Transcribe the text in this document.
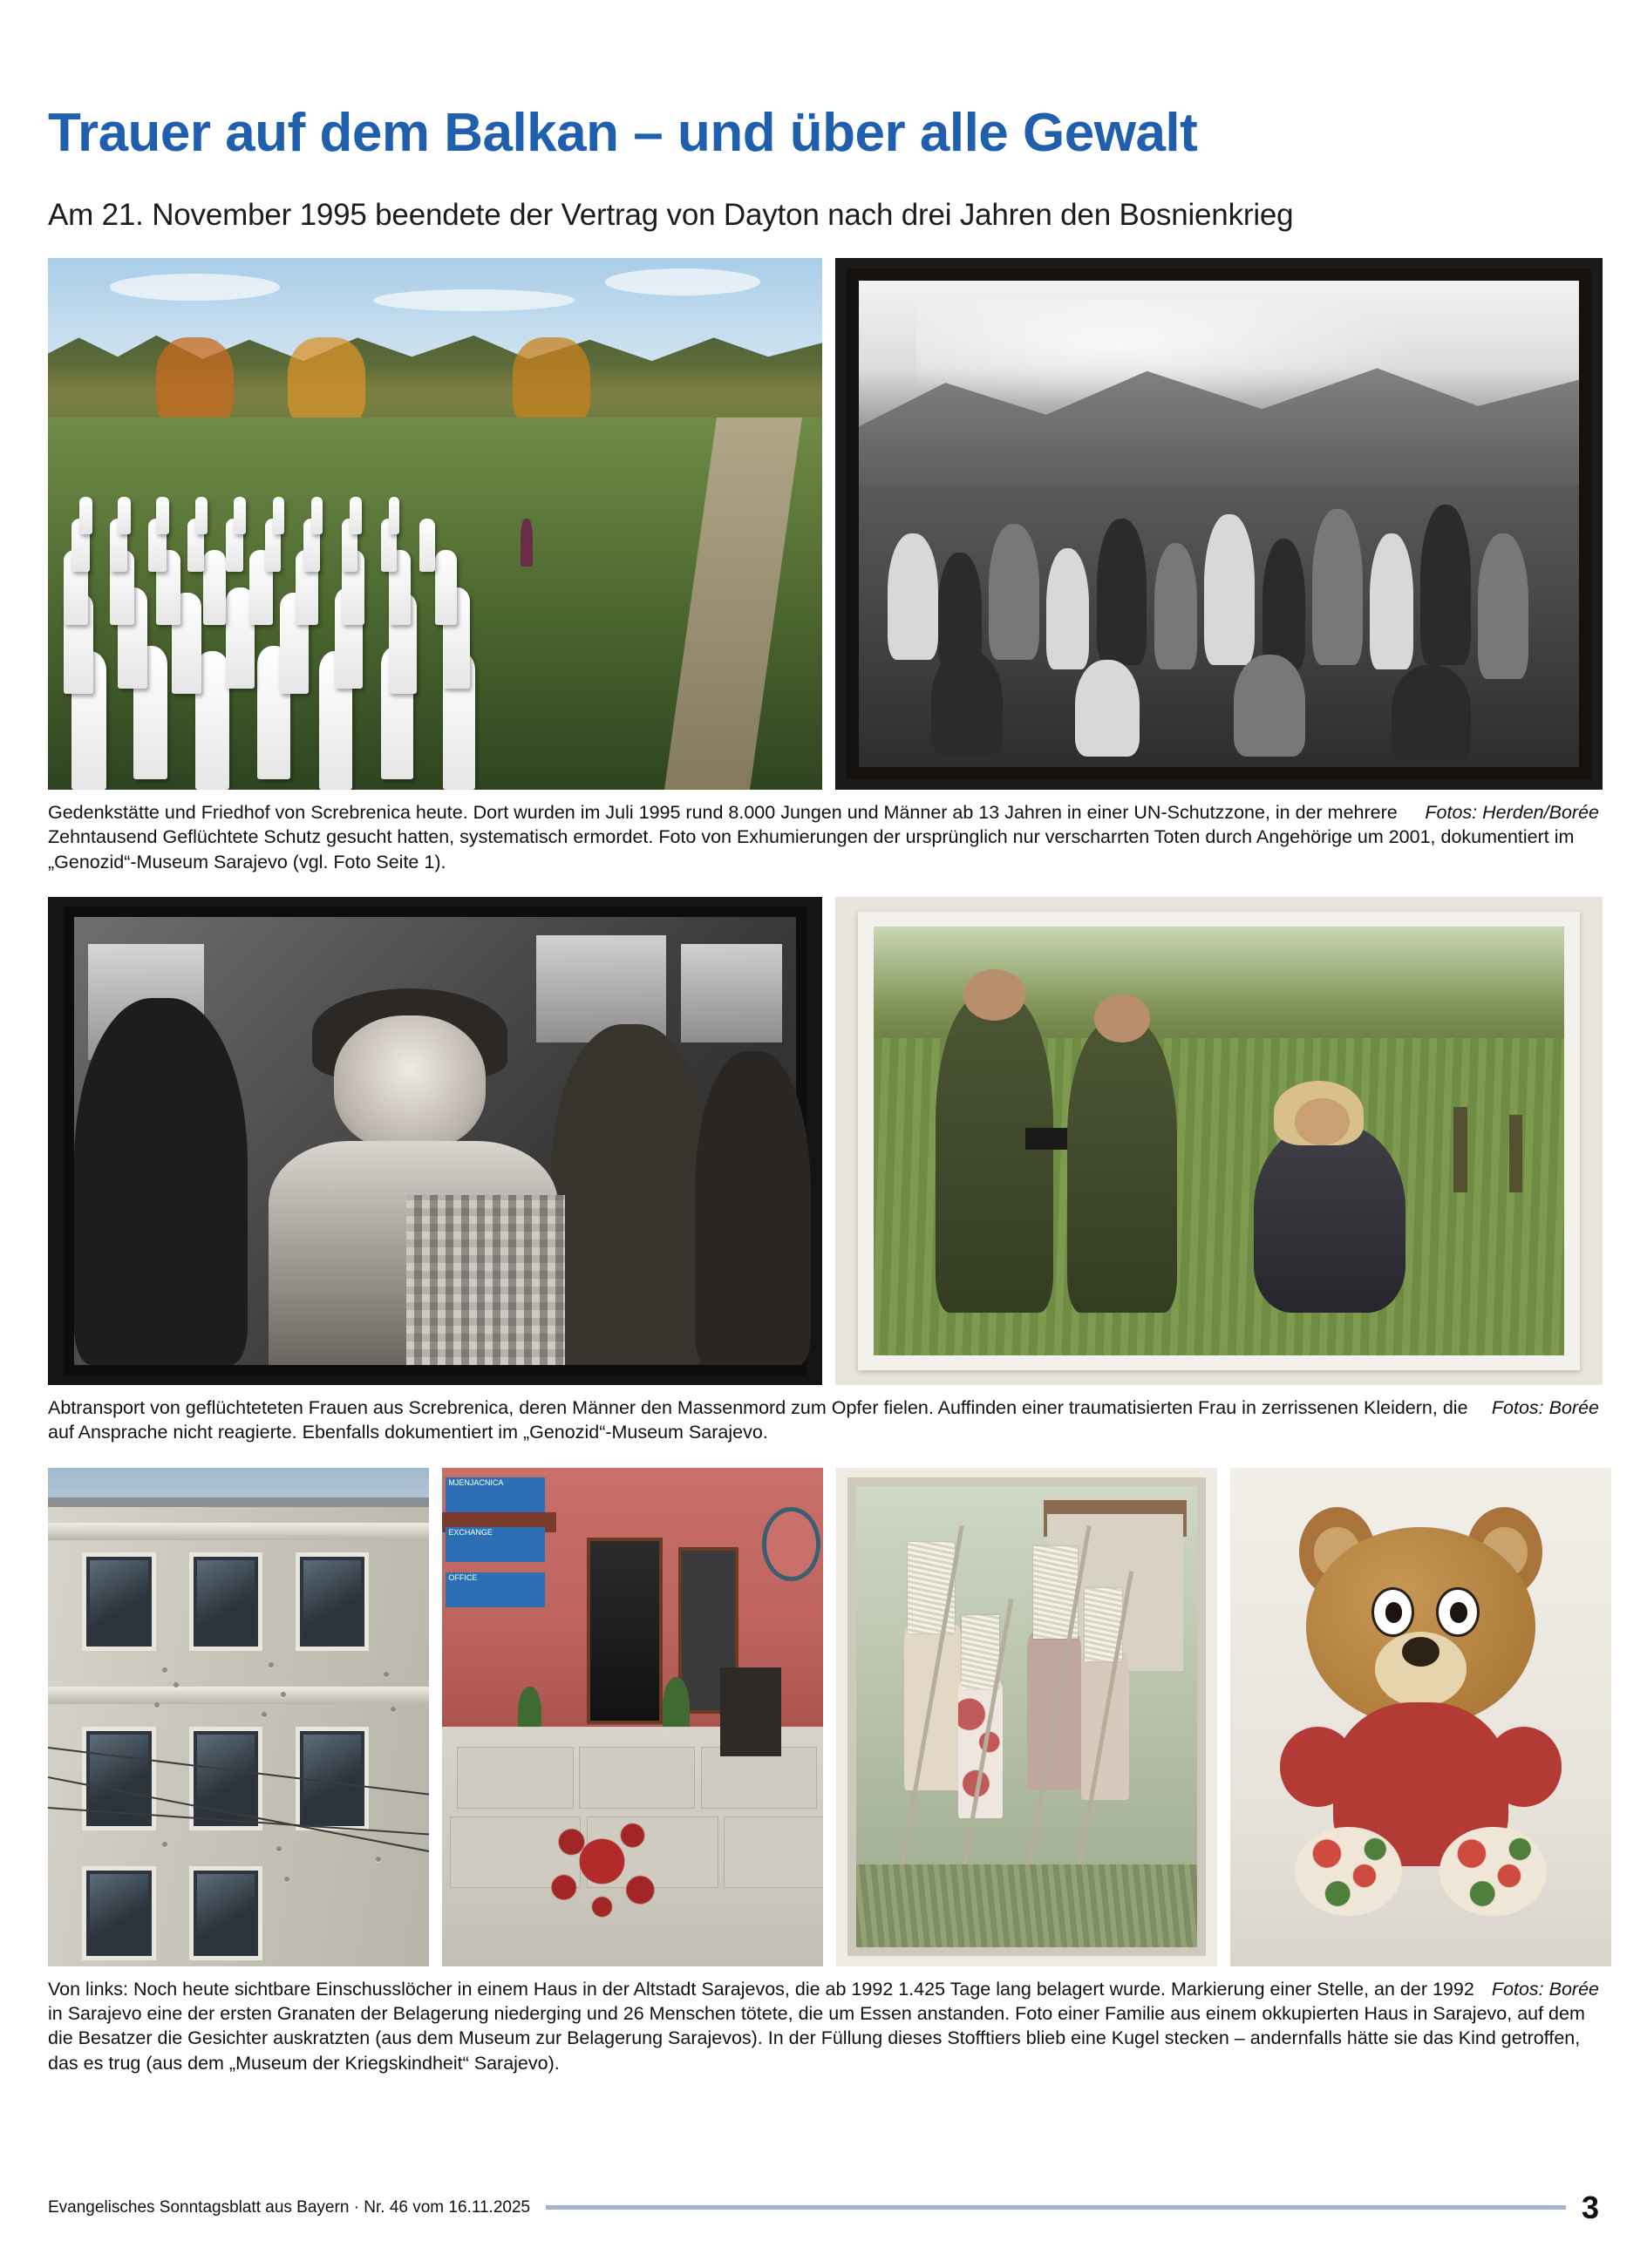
Trauer auf dem Balkan – und über alle Gewalt
Am 21. November 1995 beendete der Vertrag von Dayton nach drei Jahren den Bosnienkrieg
Fotos: Herden/Borée
Gedenkstätte und Friedhof von Screbrenica heute. Dort wurden im Juli 1995 rund 8.000 Jungen und Männer ab 13 Jahren in einer UN-Schutzzone, in der mehrere Zehntausend Geflüchtete Schutz gesucht hatten, systematisch ermordet. Foto von Exhumierungen der ursprünglich nur verscharrten Toten durch Angehörige um 2001, dokumentiert im „Genozid“-Museum Sarajevo (vgl. Foto Seite 1).
Fotos: Borée
Abtransport von geflüchteteten Frauen aus Screbrenica, deren Männer den Massenmord zum Opfer fielen. Auffinden einer traumatisierten Frau in zerrissenen Kleidern, die auf Ansprache nicht reagierte. Ebenfalls dokumentiert im „Genozid“-Museum Sarajevo.
MJENJACNICA
EXCHANGE
OFFICE
Fotos: Borée
Von links: Noch heute sichtbare Einschusslöcher in einem Haus in der Altstadt Sarajevos, die ab 1992 1.425 Tage lang belagert wurde. Markierung einer Stelle, an der 1992 in Sarajevo eine der ersten Granaten der Belagerung niederging und 26 Menschen tötete, die um Essen anstanden. Foto einer Familie aus einem okkupierten Haus in Sarajevo, auf dem die Besatzer die Gesichter auskratzten (aus dem Museum zur Belagerung Sarajevos). In der Füllung dieses Stofftiers blieb eine Kugel stecken – andernfalls hätte sie das Kind getroffen, das es trug (aus dem „Museum der Kriegskindheit“ Sarajevo).
Evangelisches Sonntagsblatt aus Bayern · Nr. 46 vom 16.11.2025	3
